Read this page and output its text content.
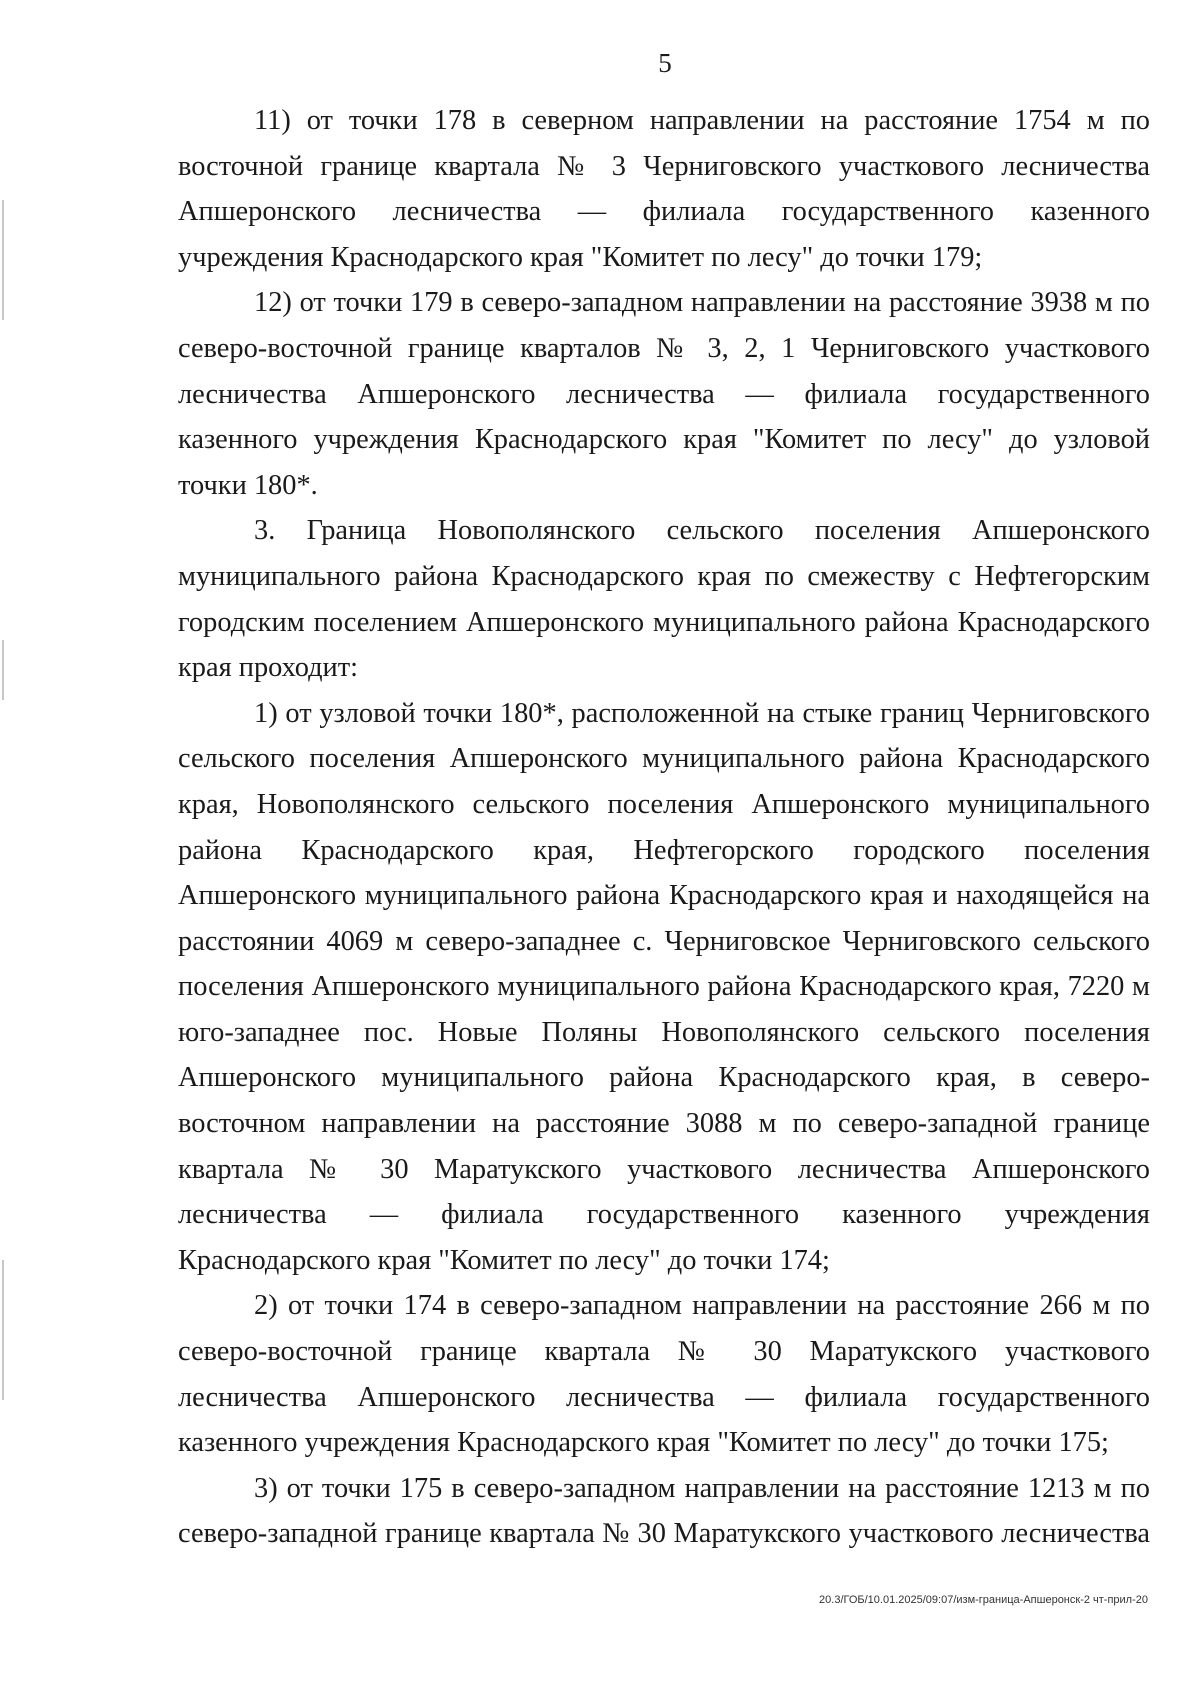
5

11) от точки 178 в северном направлении на расстояние 1754 м по восточной границе квартала № 3 Черниговского участкового лесничества Апшеронского лесничества — филиала государственного казенного учреждения Краснодарского края "Комитет по лесу" до точки 179;

12) от точки 179 в северо-западном направлении на расстояние 3938 м по северо-восточной границе кварталов № 3, 2, 1 Черниговского участкового лесничества Апшеронского лесничества — филиала государственного казенного учреждения Краснодарского края "Комитет по лесу" до узловой точки 180*.

3. Граница Новополянского сельского поселения Апшеронского муниципального района Краснодарского края по смежеству с Нефтегорским городским поселением Апшеронского муниципального района Краснодарского края проходит:

1) от узловой точки 180*, расположенной на стыке границ Черниговского сельского поселения Апшеронского муниципального района Краснодарского края, Новополянского сельского поселения Апшеронского муниципального района Краснодарского края, Нефтегорского городского поселения Апшеронского муниципального района Краснодарского края и находящейся на расстоянии 4069 м северо-западнее с. Черниговское Черниговского сельского поселения Апшеронского муниципального района Краснодарского края, 7220 м юго-западнее пос. Новые Поляны Новополянского сельского поселения Апшеронского муниципального района Краснодарского края, в северо-восточном направлении на расстояние 3088 м по северо-западной границе квартала № 30 Маратукского участкового лесничества Апшеронского лесничества — филиала государственного казенного учреждения Краснодарского края "Комитет по лесу" до точки 174;

2) от точки 174 в северо-западном направлении на расстояние 266 м по северо-восточной границе квартала № 30 Маратукского участкового лесничества Апшеронского лесничества — филиала государственного казенного учреждения Краснодарского края "Комитет по лесу" до точки 175;

3) от точки 175 в северо-западном направлении на расстояние 1213 м по северо-западной границе квартала № 30 Маратукского участкового лесничества

20.3/ГОБ/10.01.2025/09:07/изм-граница-Апшеронск-2 чт-прил-20
